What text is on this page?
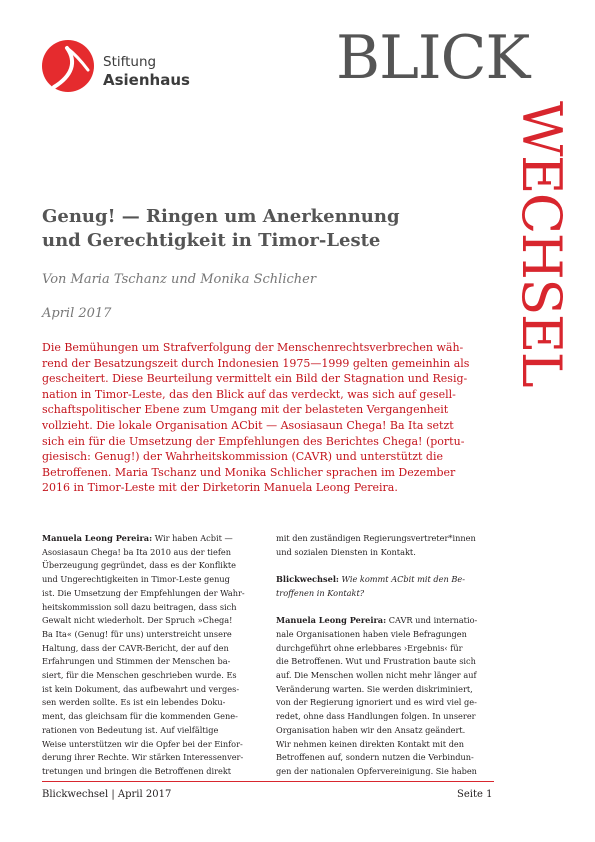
Stiftung
Asienhaus BLICK
WECHSEL
Genug! — Ringen um Anerkennung
und Gerechtigkeit in Timor-Leste
Von Maria Tschanz und Monika Schlicher
April 2017

Die Bemühungen um Strafverfolgung der Menschenrechtsverbrechen wäh-
rend der Besatzungszeit durch Indonesien 1975—1999 gelten gemeinhin als
gescheitert. Diese Beurteilung vermittelt ein Bild der Stagnation und Resig-
nation in Timor-Leste, das den Blick auf das verdeckt, was sich auf gesell-
schaftspolitischer Ebene zum Umgang mit der belasteten Vergangenheit
vollzieht. Die lokale Organisation ACbit — Asosiasaun Chega! Ba Ita setzt
sich ein für die Umsetzung der Empfehlungen des Berichtes Chega! (portu-
giesisch: Genug!) der Wahrheitskommission (CAVR) und unterstützt die
Betroffenen. Maria Tschanz und Monika Schlicher sprachen im Dezember
2016 in Timor-Leste mit der Dirketorin Manuela Leong Pereira.

Manuela Leong Pereira: Wir haben Acbit —
Asosiasaun Chega! ba Ita 2010 aus der tiefen
Überzeugung gegründet, dass es der Konflikte
und Ungerechtigkeiten in Timor-Leste genug
ist. Die Umsetzung der Empfehlungen der Wahr-
heitskommission soll dazu beitragen, dass sich
Gewalt nicht wiederholt. Der Spruch »Chega!
Ba Ita« (Genug! für uns) unterstreicht unsere
Haltung, dass der CAVR-Bericht, der auf den
Erfahrungen und Stimmen der Menschen ba-
siert, für die Menschen geschrieben wurde. Es
ist kein Dokument, das aufbewahrt und verges-
sen werden sollte. Es ist ein lebendes Doku-
ment, das gleichsam für die kommenden Gene-
rationen von Bedeutung ist. Auf vielfältige
Weise unterstützen wir die Opfer bei der Einfor-
derung ihrer Rechte. Wir stärken Interessenver-
tretungen und bringen die Betroffenen direkt
mit den zuständigen Regierungsvertreter*innen
und sozialen Diensten in Kontakt.
Blickwechsel: Wie kommt ACbit mit den Be-
troffenen in Kontakt?
Manuela Leong Pereira: CAVR und internatio-
nale Organisationen haben viele Befragungen
durchgeführt ohne erlebbares ›Ergebnis‹ für
die Betroffenen. Wut und Frustration baute sich
auf. Die Menschen wollen nicht mehr länger auf
Veränderung warten. Sie werden diskriminiert,
von der Regierung ignoriert und es wird viel ge-
redet, ohne dass Handlungen folgen. In unserer
Organisation haben wir den Ansatz geändert.
Wir nehmen keinen direkten Kontakt mit den
Betroffenen auf, sondern nutzen die Verbindun-
gen der nationalen Opfervereinigung. Sie haben
Blickwechsel | April 2017	Seite 1
